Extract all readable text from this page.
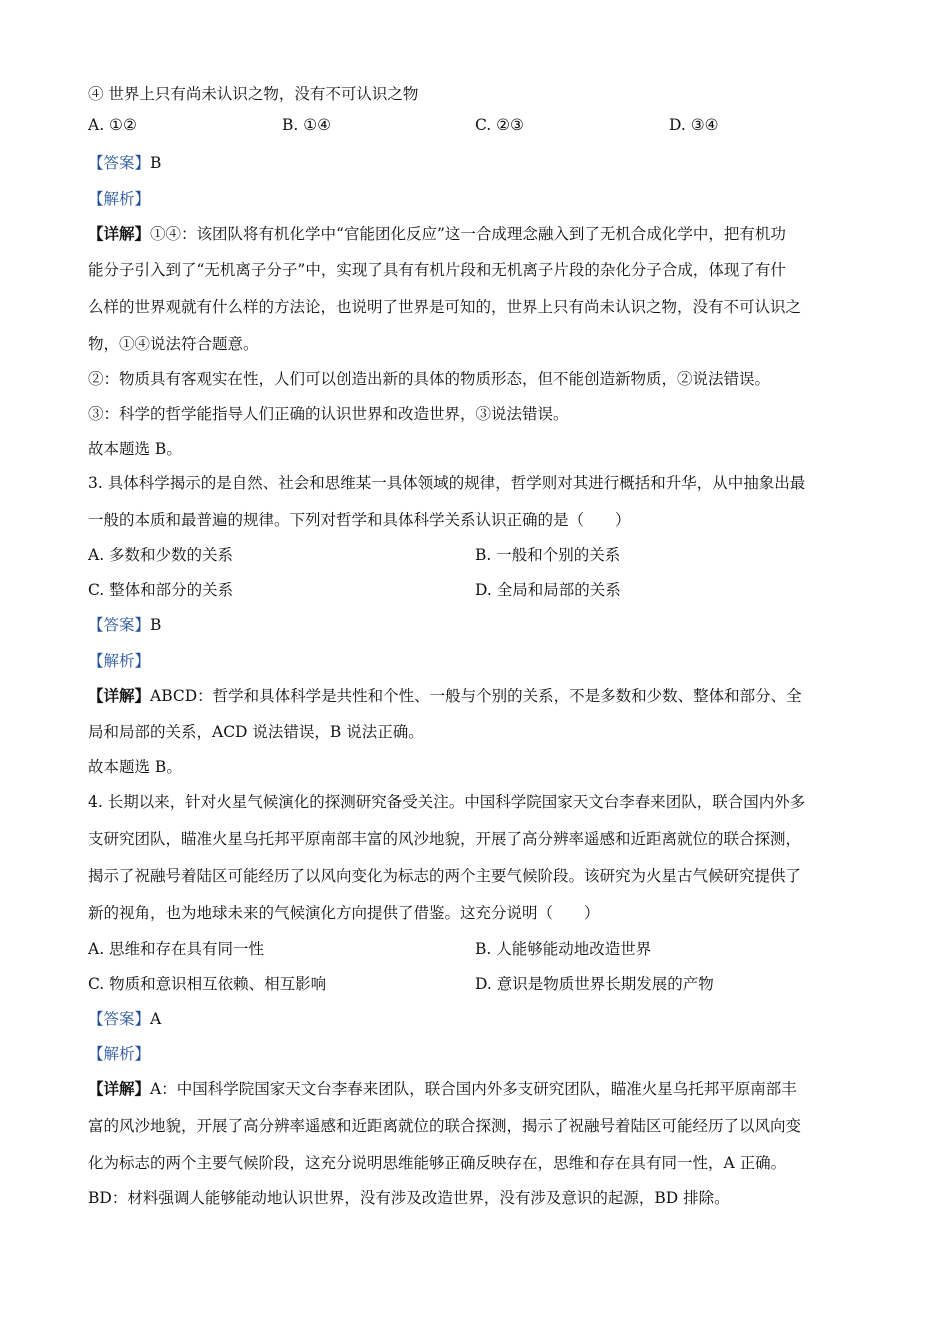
④ 世界上只有尚未认识之物，没有不可认识之物
A. ①②	B. ①④	C. ②③	D. ③④
【答案】B
【解析】
【详解】①④：该团队将有机化学中“官能团化反应”这一合成理念融入到了无机合成化学中，把有机功
能分子引入到了“无机离子分子”中，实现了具有有机片段和无机离子片段的杂化分子合成，体现了有什
么样的世界观就有什么样的方法论，也说明了世界是可知的，世界上只有尚未认识之物，没有不可认识之
物，①④说法符合题意。
②：物质具有客观实在性，人们可以创造出新的具体的物质形态，但不能创造新物质，②说法错误。
③：科学的哲学能指导人们正确的认识世界和改造世界，③说法错误。
故本题选 B。
3. 具体科学揭示的是自然、社会和思维某一具体领域的规律，哲学则对其进行概括和升华，从中抽象出最
一般的本质和最普遍的规律。下列对哲学和具体科学关系认识正确的是（　　）
A. 多数和少数的关系	B. 一般和个别的关系
C. 整体和部分的关系	D. 全局和局部的关系
【答案】B
【解析】
【详解】ABCD：哲学和具体科学是共性和个性、一般与个别的关系，不是多数和少数、整体和部分、全
局和局部的关系，ACD 说法错误，B 说法正确。
故本题选 B。
4. 长期以来，针对火星气候演化的探测研究备受关注。中国科学院国家天文台李春来团队，联合国内外多
支研究团队，瞄准火星乌托邦平原南部丰富的风沙地貌，开展了高分辨率遥感和近距离就位的联合探测，
揭示了祝融号着陆区可能经历了以风向变化为标志的两个主要气候阶段。该研究为火星古气候研究提供了
新的视角，也为地球未来的气候演化方向提供了借鉴。这充分说明（　　）
A. 思维和存在具有同一性	B. 人能够能动地改造世界
C. 物质和意识相互依赖、相互影响	D. 意识是物质世界长期发展的产物
【答案】A
【解析】
【详解】A：中国科学院国家天文台李春来团队，联合国内外多支研究团队，瞄准火星乌托邦平原南部丰
富的风沙地貌，开展了高分辨率遥感和近距离就位的联合探测，揭示了祝融号着陆区可能经历了以风向变
化为标志的两个主要气候阶段，这充分说明思维能够正确反映存在，思维和存在具有同一性，A 正确。
BD：材料强调人能够能动地认识世界，没有涉及改造世界，没有涉及意识的起源，BD 排除。
